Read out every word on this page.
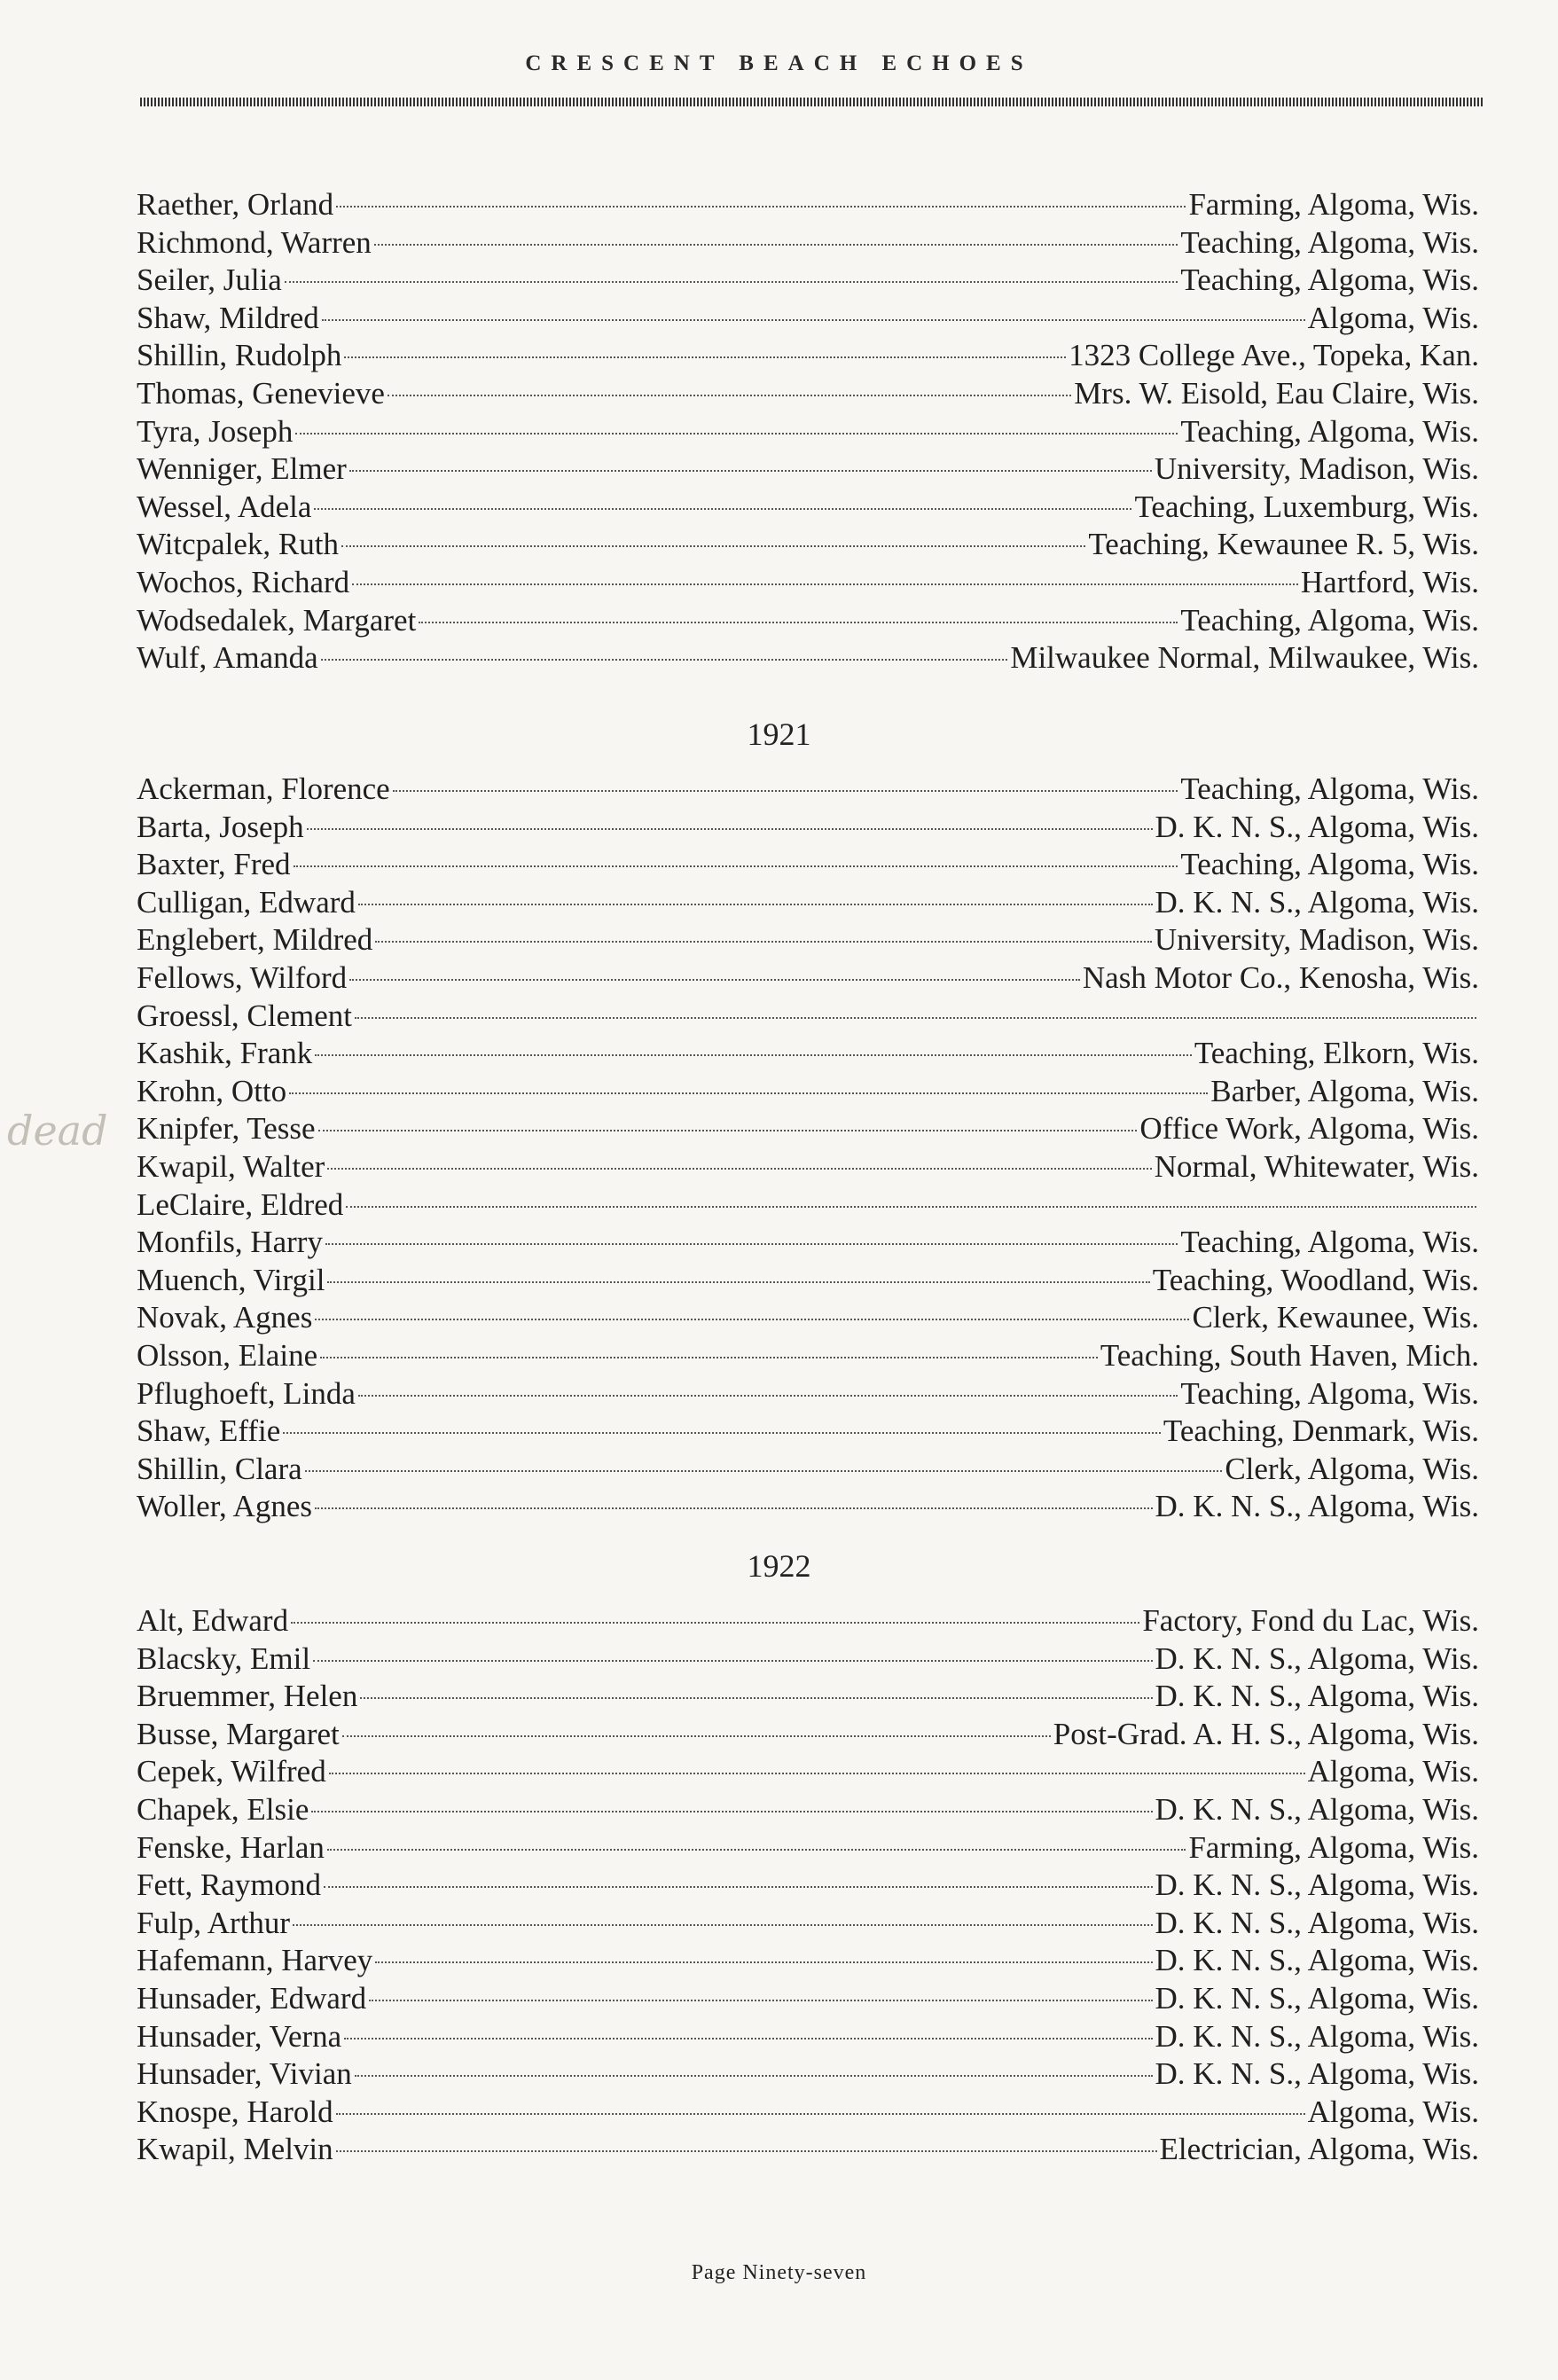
CRESCENT BEACH ECHOES
dead
Raether, Orland	Farming, Algoma, Wis.
Richmond, Warren	Teaching, Algoma, Wis.
Seiler, Julia	Teaching, Algoma, Wis.
Shaw, Mildred	Algoma, Wis.
Shillin, Rudolph	1323 College Ave., Topeka, Kan.
Thomas, Genevieve	Mrs. W. Eisold, Eau Claire, Wis.
Tyra, Joseph	Teaching, Algoma, Wis.
Wenniger, Elmer	University, Madison, Wis.
Wessel, Adela	Teaching, Luxemburg, Wis.
Witcpalek, Ruth	Teaching, Kewaunee R. 5, Wis.
Wochos, Richard	Hartford, Wis.
Wodsedalek, Margaret	Teaching, Algoma, Wis.
Wulf, Amanda	Milwaukee Normal, Milwaukee, Wis.
1921
Ackerman, Florence	Teaching, Algoma, Wis.
Barta, Joseph	D. K. N. S., Algoma, Wis.
Baxter, Fred	Teaching, Algoma, Wis.
Culligan, Edward	D. K. N. S., Algoma, Wis.
Englebert, Mildred	University, Madison, Wis.
Fellows, Wilford	Nash Motor Co., Kenosha, Wis.
Groessl, Clement
Kashik, Frank	Teaching, Elkorn, Wis.
Krohn, Otto	Barber, Algoma, Wis.
Knipfer, Tesse	Office Work, Algoma, Wis.
Kwapil, Walter	Normal, Whitewater, Wis.
LeClaire, Eldred
Monfils, Harry	Teaching, Algoma, Wis.
Muench, Virgil	Teaching, Woodland, Wis.
Novak, Agnes	Clerk, Kewaunee, Wis.
Olsson, Elaine	Teaching, South Haven, Mich.
Pflughoeft, Linda	Teaching, Algoma, Wis.
Shaw, Effie	Teaching, Denmark, Wis.
Shillin, Clara	Clerk, Algoma, Wis.
Woller, Agnes	D. K. N. S., Algoma, Wis.
1922
Alt, Edward	Factory, Fond du Lac, Wis.
Blacsky, Emil	D. K. N. S., Algoma, Wis.
Bruemmer, Helen	D. K. N. S., Algoma, Wis.
Busse, Margaret	Post-Grad. A. H. S., Algoma, Wis.
Cepek, Wilfred	Algoma, Wis.
Chapek, Elsie	D. K. N. S., Algoma, Wis.
Fenske, Harlan	Farming, Algoma, Wis.
Fett, Raymond	D. K. N. S., Algoma, Wis.
Fulp, Arthur	D. K. N. S., Algoma, Wis.
Hafemann, Harvey	D. K. N. S., Algoma, Wis.
Hunsader, Edward	D. K. N. S., Algoma, Wis.
Hunsader, Verna	D. K. N. S., Algoma, Wis.
Hunsader, Vivian	D. K. N. S., Algoma, Wis.
Knospe, Harold	Algoma, Wis.
Kwapil, Melvin	Electrician, Algoma, Wis.
Page Ninety-seven
